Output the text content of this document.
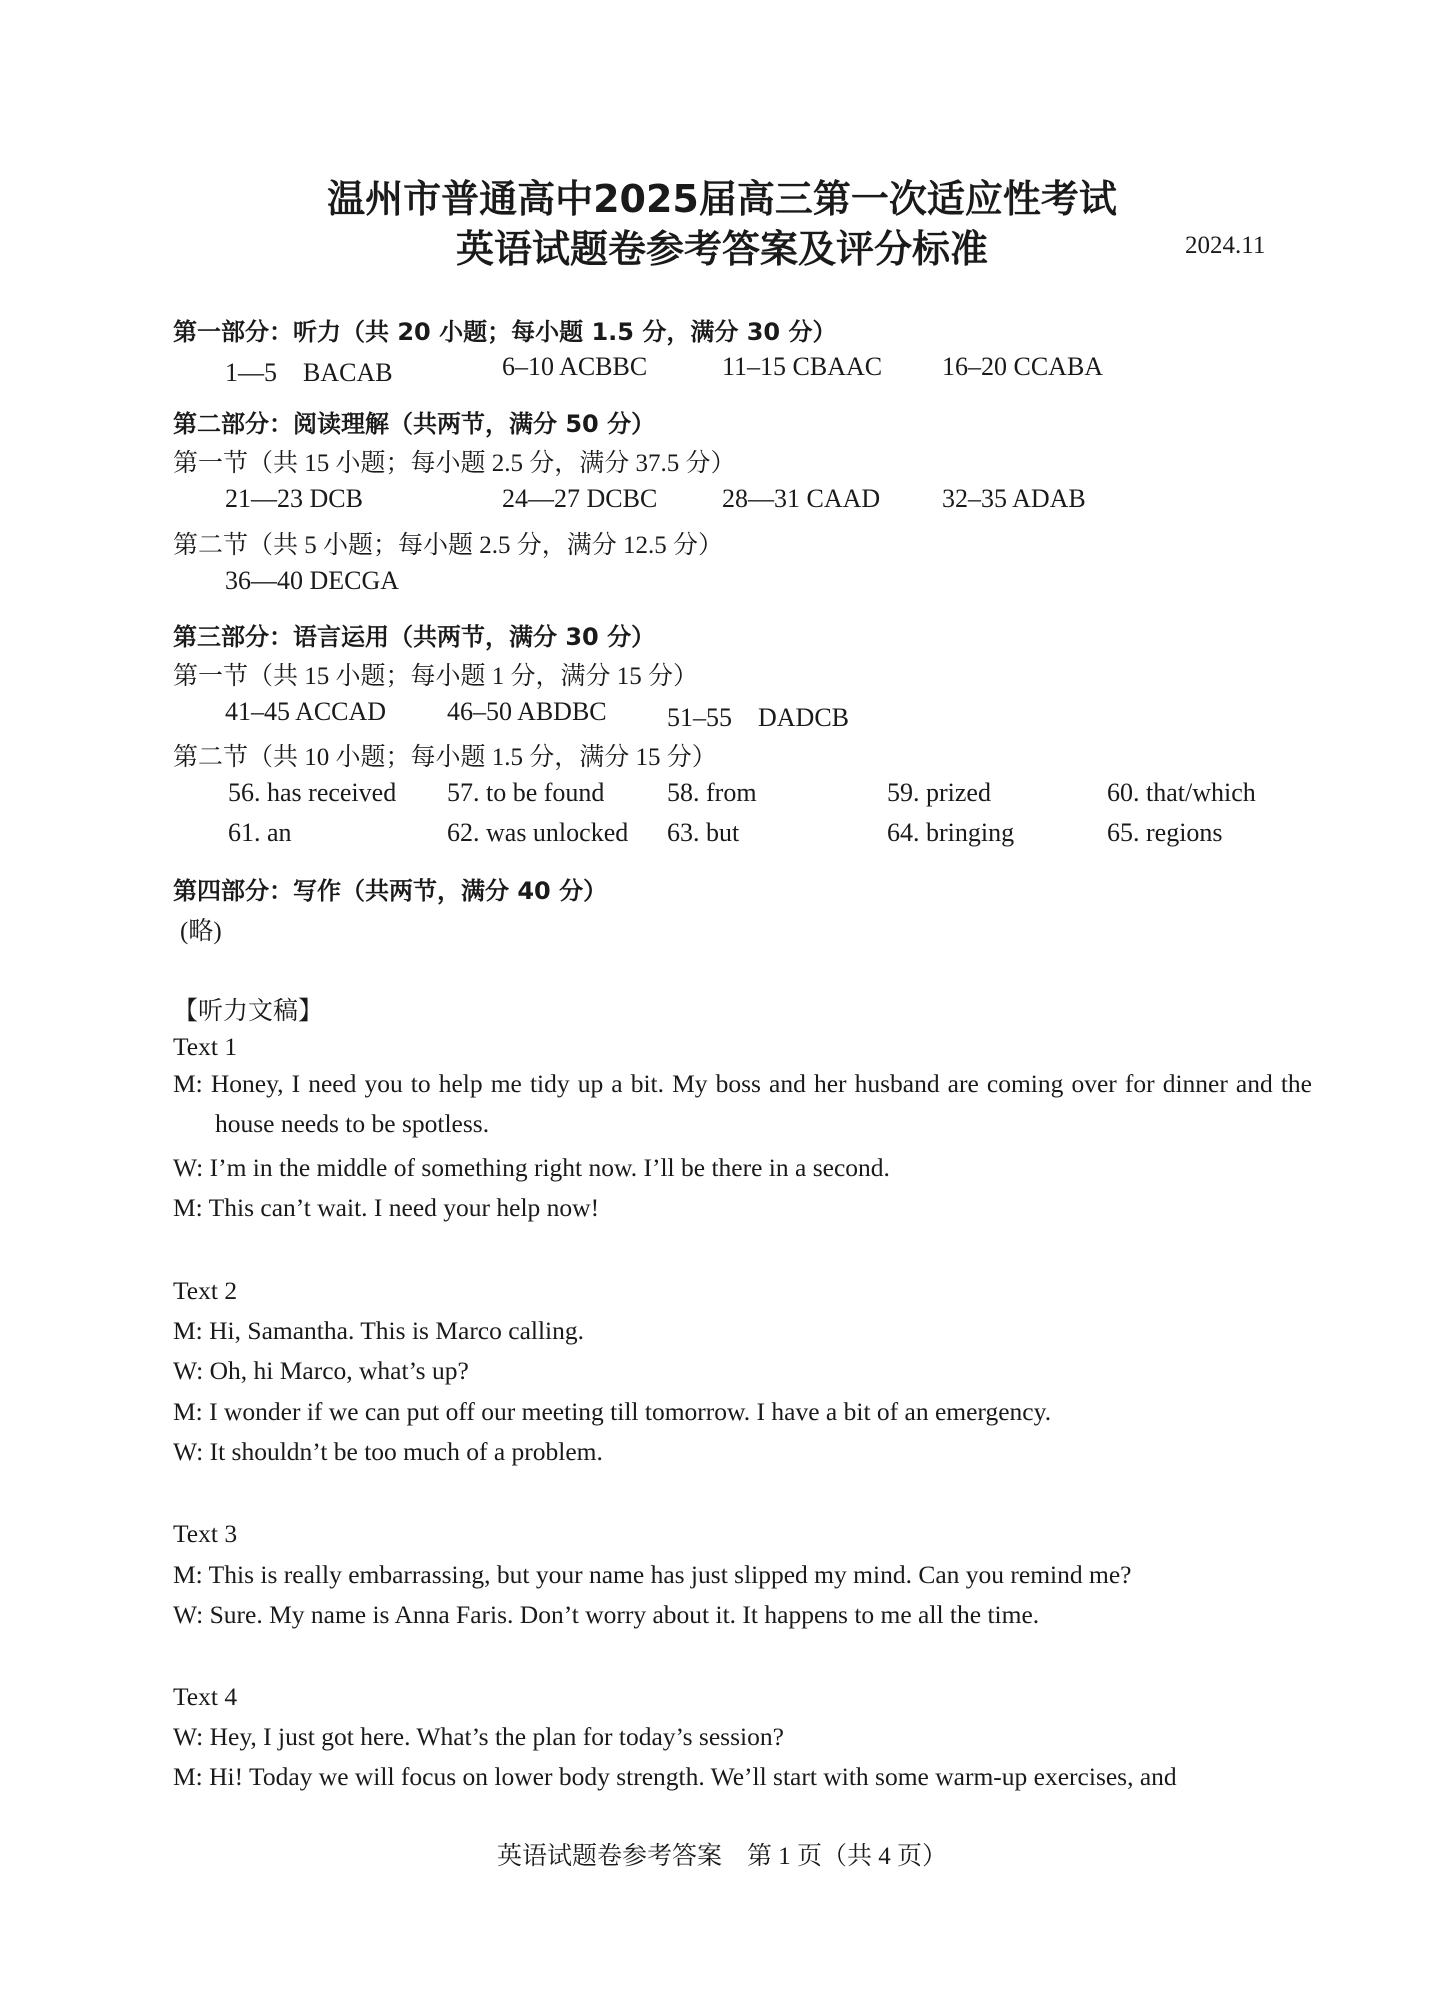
温州市普通高中2025届高三第一次适应性考试
英语试题卷参考答案及评分标准	2024.11
第一部分：听力（共 20 小题；每小题 1.5 分，满分 30 分）
1—5　BACAB	6–10 ACBBC	11–15 CBAAC 16–20 CCABA
第二部分：阅读理解（共两节，满分 50 分）
第一节（共 15 小题；每小题 2.5 分，满分 37.5 分）
21—23 DCB	24—27 DCBC 28—31 CAAD 32–35 ADAB
第二节（共 5 小题；每小题 2.5 分，满分 12.5 分）
36—40 DECGA
第三部分：语言运用（共两节，满分 30 分）
第一节（共 15 小题；每小题 1 分，满分 15 分）
41–45 ACCAD 46–50 ABDBC 51–55　DADCB
第二节（共 10 小题；每小题 1.5 分，满分 15 分）
56. has received 57. to be found 58. from	59. prized	60. that/which
61. an	62. was unlocked 63. but	64. bringing	65. regions
第四部分：写作（共两节，满分 40 分）
(略)
【听力文稿】
Text 1
M: Honey, I need you to help me tidy up a bit. My boss and her husband are coming over for dinner and the house needs to be spotless.
W: I’m in the middle of something right now. I’ll be there in a second.
M: This can’t wait. I need your help now!
Text 2
M: Hi, Samantha. This is Marco calling.
W: Oh, hi Marco, what’s up?
M: I wonder if we can put off our meeting till tomorrow. I have a bit of an emergency.
W: It shouldn’t be too much of a problem.
Text 3
M: This is really embarrassing, but your name has just slipped my mind. Can you remind me?
W: Sure. My name is Anna Faris. Don’t worry about it. It happens to me all the time.
Text 4
W: Hey, I just got here. What’s the plan for today’s session?
M: Hi! Today we will focus on lower body strength. We’ll start with some warm-up exercises, and
英语试题卷参考答案　第 1 页（共 4 页）
